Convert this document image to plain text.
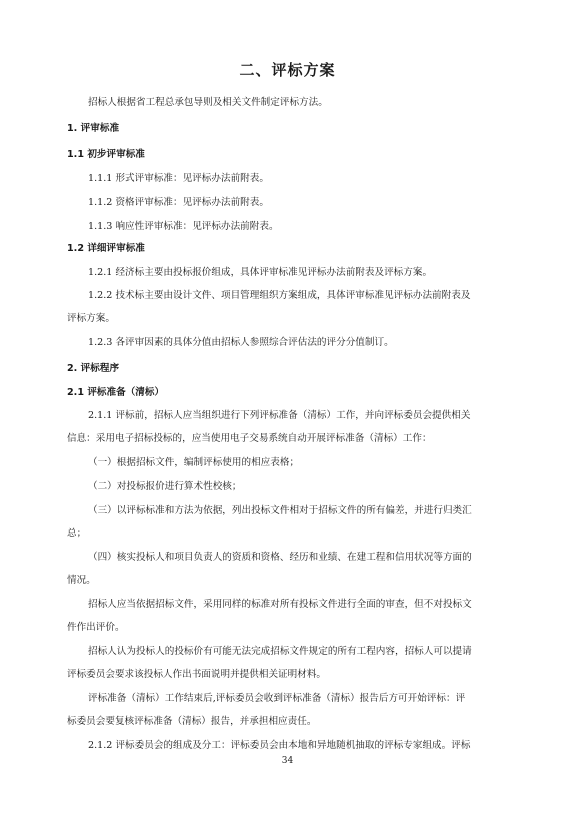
二、评标方案
招标人根据省工程总承包导则及相关文件制定评标方法。
1. 评审标准
1.1 初步评审标准
1.1.1 形式评审标准：见评标办法前附表。
1.1.2 资格评审标准：见评标办法前附表。
1.1.3 响应性评审标准：见评标办法前附表。
1.2 详细评审标准
1.2.1 经济标主要由投标报价组成，具体评审标准见评标办法前附表及评标方案。
1.2.2 技术标主要由设计文件、项目管理组织方案组成，具体评审标准见评标办法前附表及
评标方案。
1.2.3 各评审因素的具体分值由招标人参照综合评估法的评分分值制订。
2. 评标程序
2.1 评标准备（清标）
2.1.1 评标前，招标人应当组织进行下列评标准备（清标）工作，并向评标委员会提供相关
信息：采用电子招标投标的，应当使用电子交易系统自动开展评标准备（清标）工作：
（一）根据招标文件，编制评标使用的相应表格；
（二）对投标报价进行算术性校核；
（三）以评标标准和方法为依据，列出投标文件相对于招标文件的所有偏差，并进行归类汇
总；
（四）核实投标人和项目负责人的资质和资格、经历和业绩、在建工程和信用状况等方面的
情况。
招标人应当依据招标文件，采用同样的标准对所有投标文件进行全面的审查，但不对投标文
件作出评价。
招标人认为投标人的投标价有可能无法完成招标文件规定的所有工程内容，招标人可以提请
评标委员会要求该投标人作出书面说明并提供相关证明材料。
评标准备（清标）工作结束后,评标委员会收到评标准备（清标）报告后方可开始评标：评
标委员会要复核评标准备（清标）报告，并承担相应责任。
2.1.2 评标委员会的组成及分工：评标委员会由本地和异地随机抽取的评标专家组成。评标
34
